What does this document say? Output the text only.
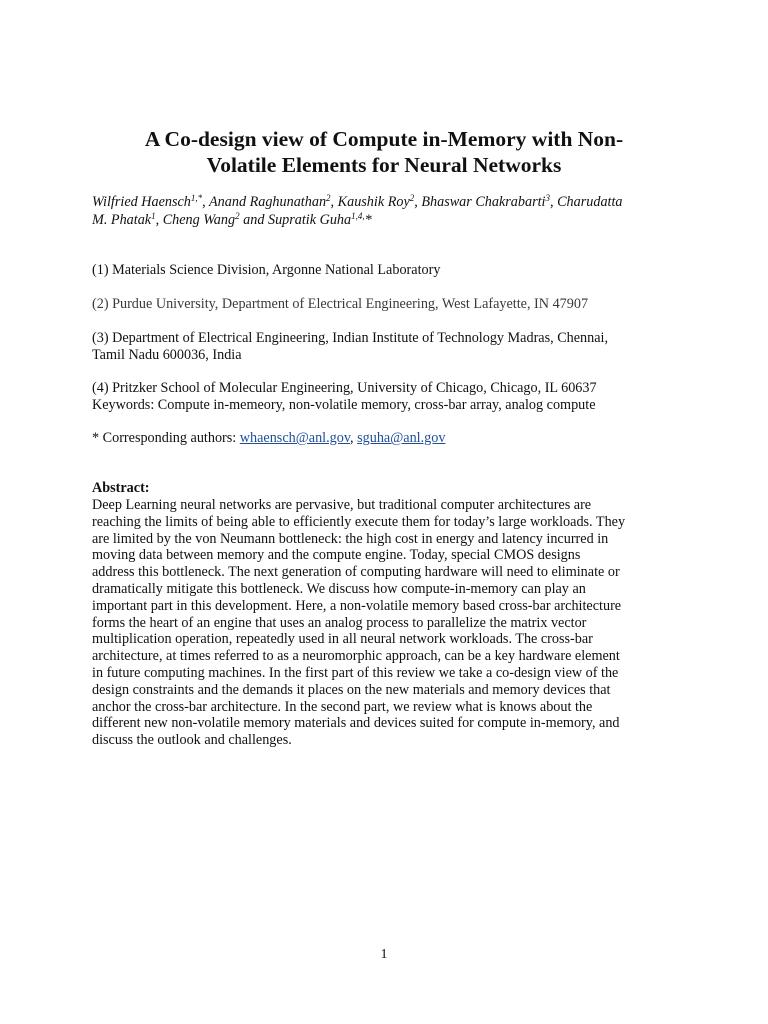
A Co-design view of Compute in-Memory with Non-
Volatile Elements for Neural Networks

Wilfried Haensch$^{1,*}$, Anand Raghunathan$^2$, Kaushik Roy$^2$, Bhaswar Chakrabarti$^3$, Charudatta
M. Phatak$^1$, Cheng Wang$^2$ and Supratik Guha$^{1,4,}$*

(1) Materials Science Division, Argonne National Laboratory

(2) Purdue University, Department of Electrical Engineering, West Lafayette, IN 47907

(3) Department of Electrical Engineering, Indian Institute of Technology Madras, Chennai,
Tamil Nadu 600036, India

(4) Pritzker School of Molecular Engineering, University of Chicago, Chicago, IL 60637
Keywords: Compute in-memeory, non-volatile memory, cross-bar array, analog compute

* Corresponding authors: whaensch@anl.gov, sguha@anl.gov

Abstract:

Deep Learning neural networks are pervasive, but traditional computer architectures are
reaching the limits of being able to efficiently execute them for today’s large workloads. They
are limited by the von Neumann bottleneck: the high cost in energy and latency incurred in
moving data between memory and the compute engine. Today, special CMOS designs
address this bottleneck. The next generation of computing hardware will need to eliminate or
dramatically mitigate this bottleneck. We discuss how compute-in-memory can play an
important part in this development. Here, a non-volatile memory based cross-bar architecture
forms the heart of an engine that uses an analog process to parallelize the matrix vector
multiplication operation, repeatedly used in all neural network workloads. The cross-bar
architecture, at times referred to as a neuromorphic approach, can be a key hardware element
in future computing machines. In the first part of this review we take a co-design view of the
design constraints and the demands it places on the new materials and memory devices that
anchor the cross-bar architecture. In the second part, we review what is knows about the
different new non-volatile memory materials and devices suited for compute in-memory, and
discuss the outlook and challenges.

1
